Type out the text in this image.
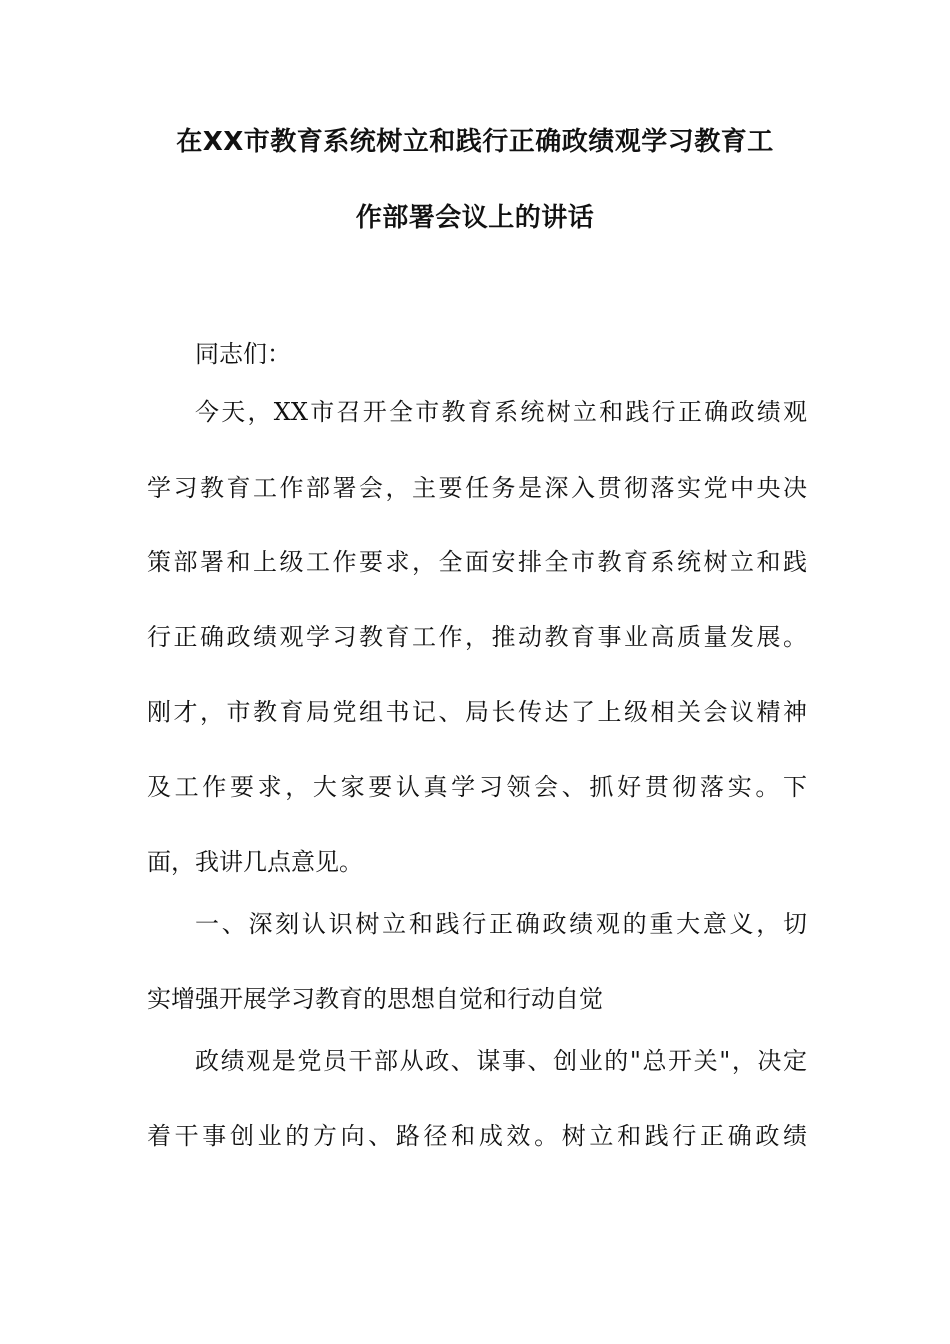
在XX市教育系统树立和践行正确政绩观学习教育工
作部署会议上的讲话
同志们：
今天，XX市召开全市教育系统树立和践行正确政绩观
学习教育工作部署会，主要任务是深入贯彻落实党中央决
策部署和上级工作要求，全面安排全市教育系统树立和践
行正确政绩观学习教育工作，推动教育事业高质量发展。
刚才，市教育局党组书记、局长传达了上级相关会议精神
及工作要求，大家要认真学习领会、抓好贯彻落实。下
面，我讲几点意见。
一、深刻认识树立和践行正确政绩观的重大意义，切
实增强开展学习教育的思想自觉和行动自觉
政绩观是党员干部从政、谋事、创业的"总开关"，决定
着干事创业的方向、路径和成效。树立和践行正确政绩
